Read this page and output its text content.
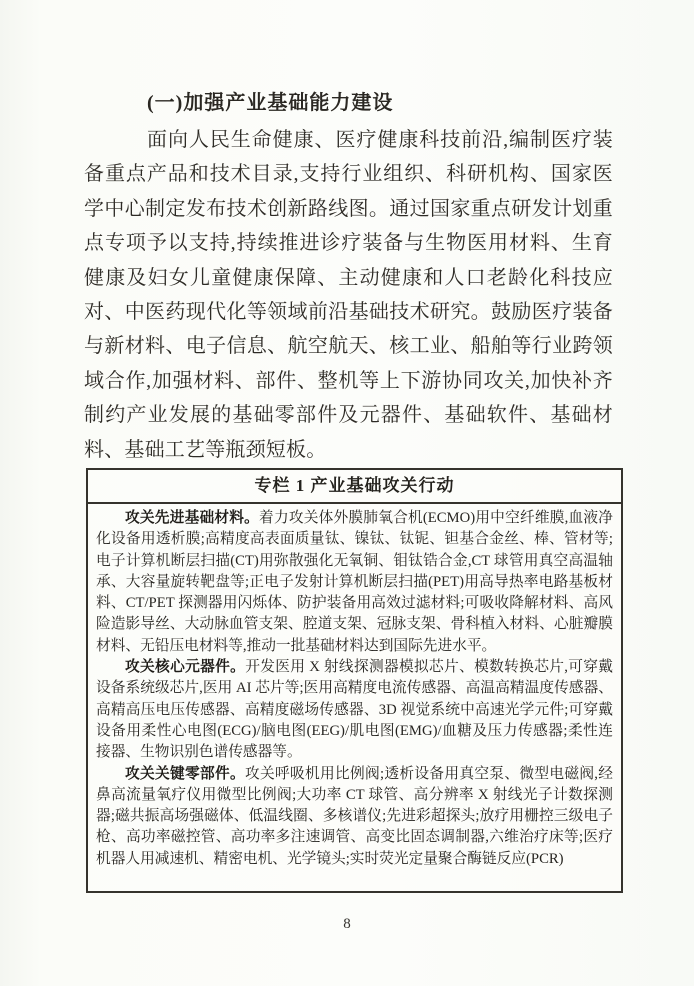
(一)加强产业基础能力建设

面向人民生命健康、医疗健康科技前沿,编制医疗装备重点产品和技术目录,支持行业组织、科研机构、国家医学中心制定发布技术创新路线图。通过国家重点研发计划重点专项予以支持,持续推进诊疗装备与生物医用材料、生育健康及妇女儿童健康保障、主动健康和人口老龄化科技应对、中医药现代化等领域前沿基础技术研究。鼓励医疗装备与新材料、电子信息、航空航天、核工业、船舶等行业跨领域合作,加强材料、部件、整机等上下游协同攻关,加快补齐制约产业发展的基础零部件及元器件、基础软件、基础材料、基础工艺等瓶颈短板。

专栏 1 产业基础攻关行动

攻关先进基础材料。着力攻关体外膜肺氧合机(ECMO)用中空纤维膜,血液净化设备用透析膜;高精度高表面质量钛、镍钛、钛铌、钽基合金丝、棒、管材等;电子计算机断层扫描(CT)用弥散强化无氧铜、钼钛锆合金,CT 球管用真空高温轴承、大容量旋转靶盘等;正电子发射计算机断层扫描(PET)用高导热率电路基板材料、CT/PET 探测器用闪烁体、防护装备用高效过滤材料;可吸收降解材料、高风险造影导丝、大动脉血管支架、腔道支架、冠脉支架、骨科植入材料、心脏瓣膜材料、无铅压电材料等,推动一批基础材料达到国际先进水平。

攻关核心元器件。开发医用 X 射线探测器模拟芯片、模数转换芯片,可穿戴设备系统级芯片,医用 AI 芯片等;医用高精度电流传感器、高温高精温度传感器、高精高压电压传感器、高精度磁场传感器、3D 视觉系统中高速光学元件;可穿戴设备用柔性心电图(ECG)/脑电图(EEG)/肌电图(EMG)/血糖及压力传感器;柔性连接器、生物识别色谱传感器等。

攻关关键零部件。攻关呼吸机用比例阀;透析设备用真空泵、微型电磁阀,经鼻高流量氧疗仪用微型比例阀;大功率 CT 球管、高分辨率 X 射线光子计数探测器;磁共振高场强磁体、低温线圈、多核谱仪;先进彩超探头;放疗用栅控三级电子枪、高功率磁控管、高功率多注速调管、高变比固态调制器,六维治疗床等;医疗机器人用减速机、精密电机、光学镜头;实时荧光定量聚合酶链反应(PCR)

8
